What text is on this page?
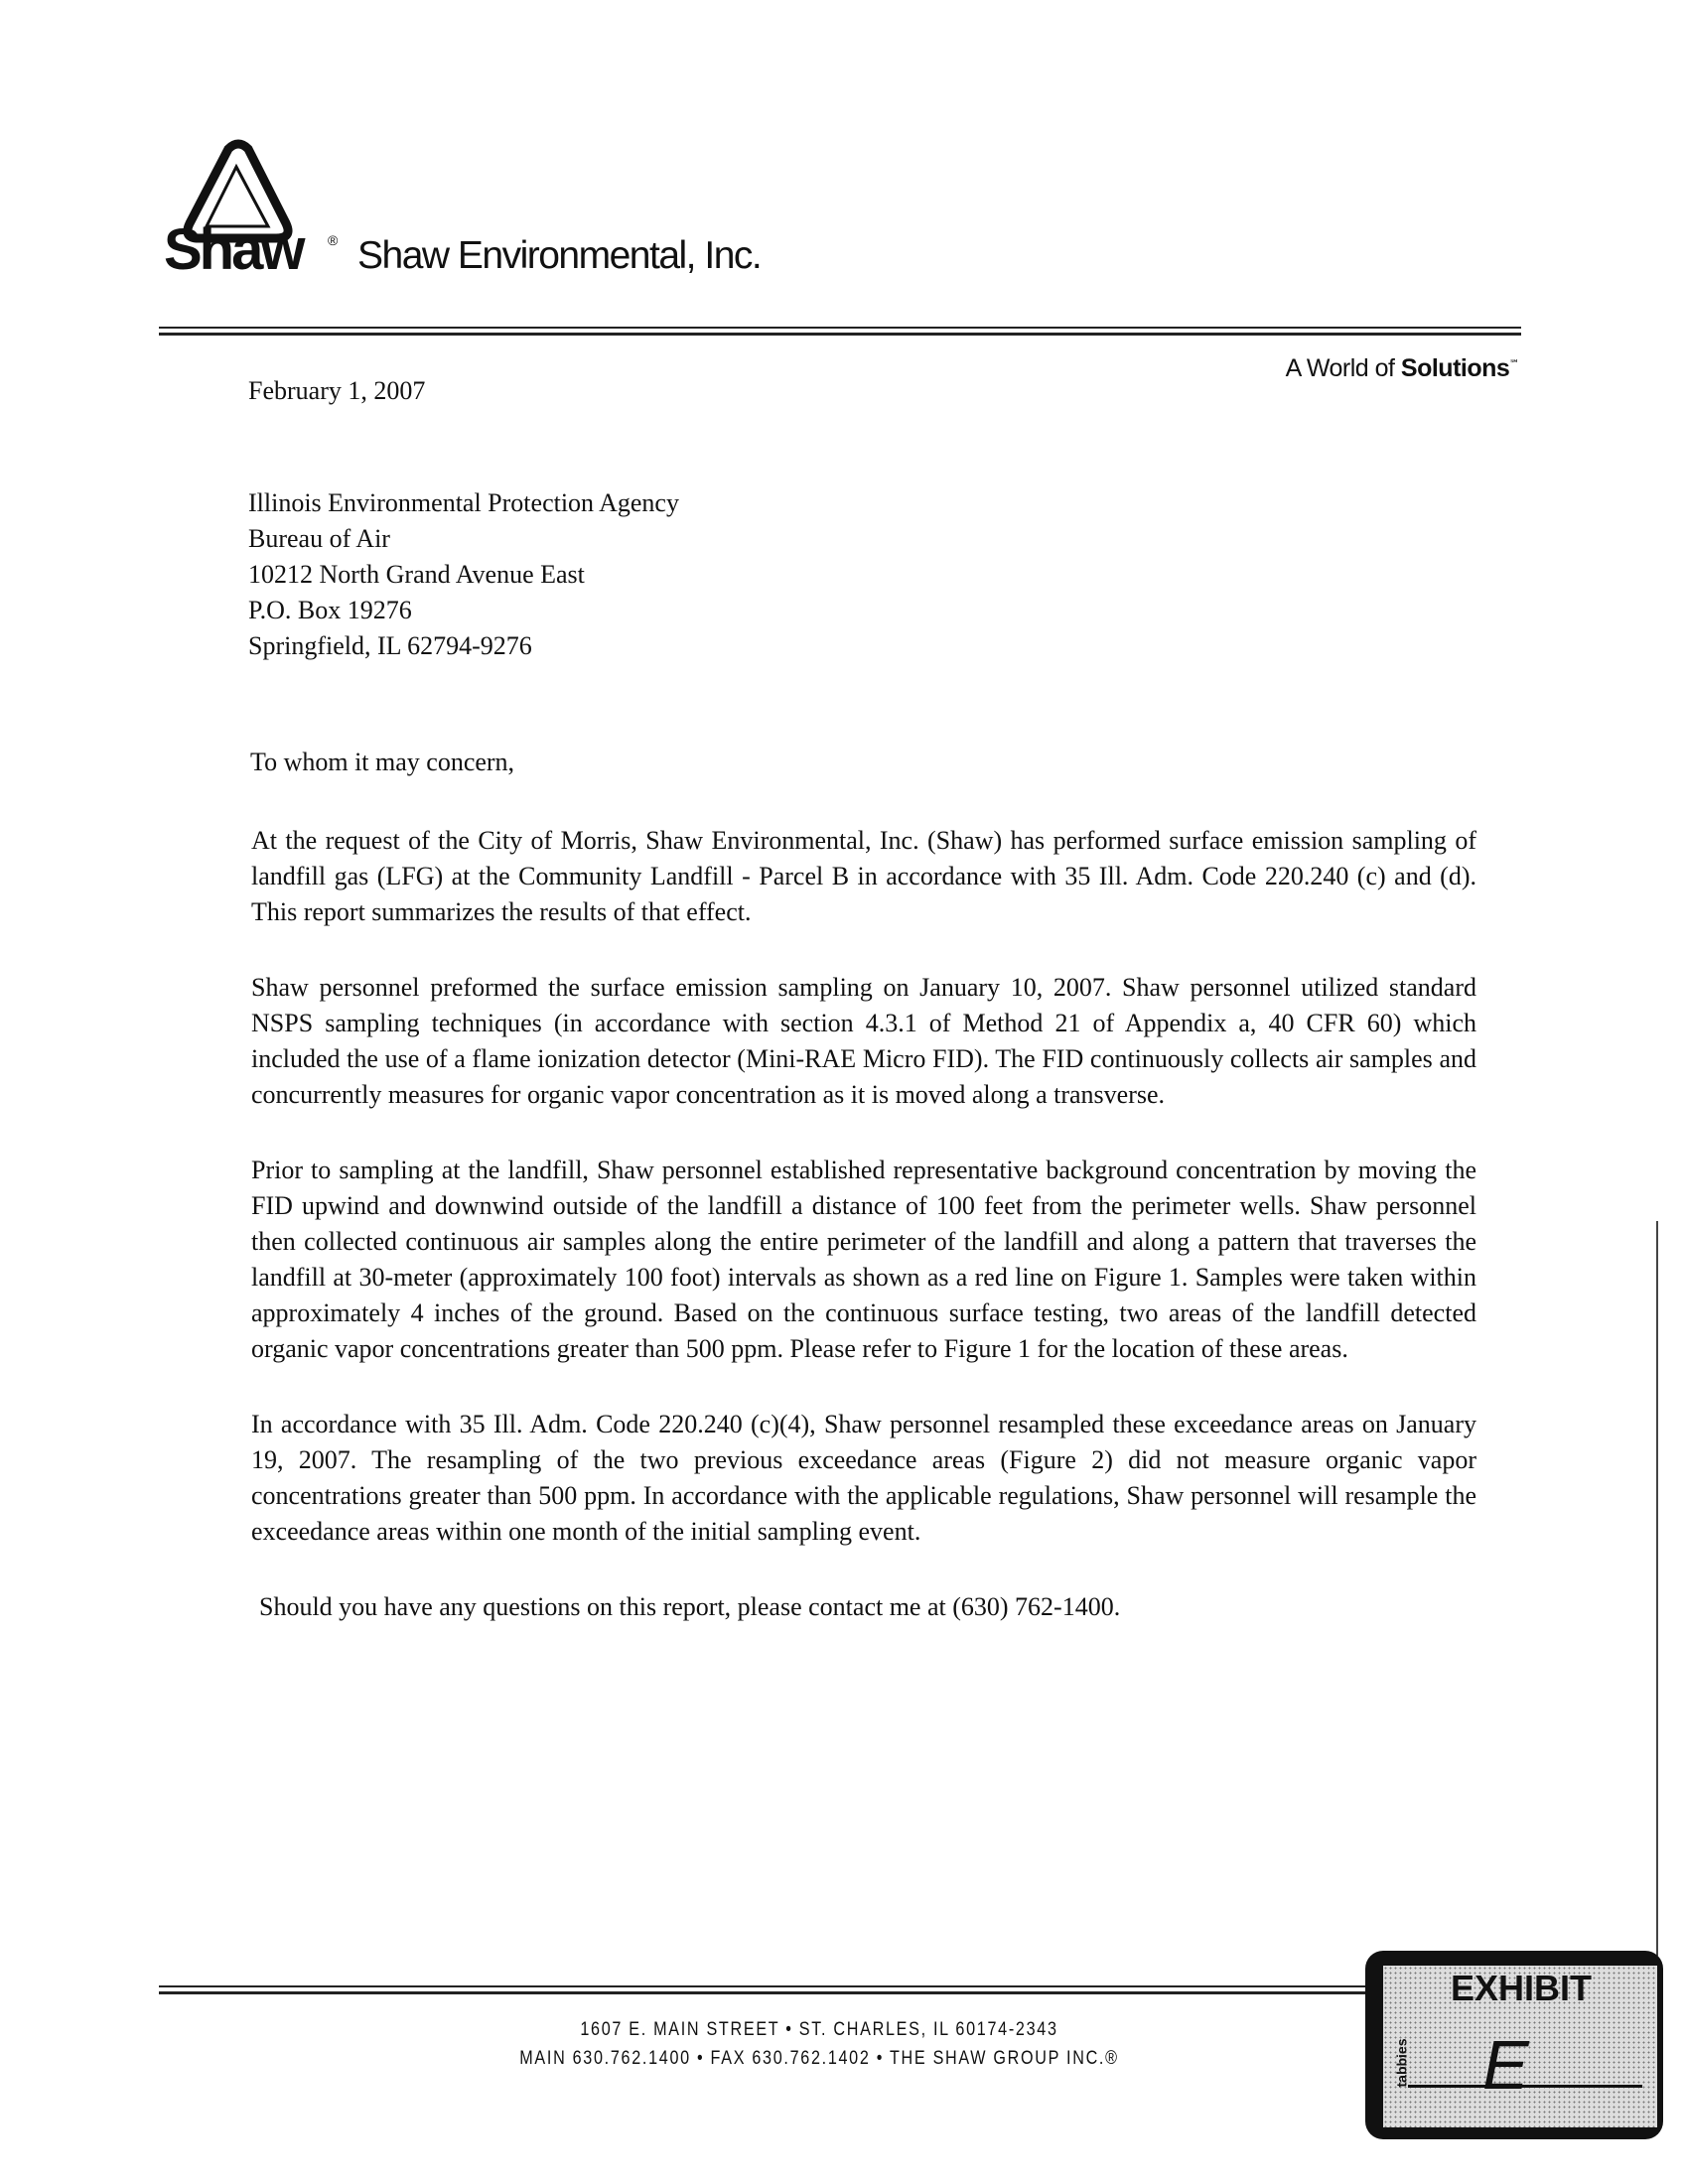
Shaw ® Shaw Environmental, Inc.
A World of Solutions℠
February 1, 2007
Illinois Environmental Protection Agency
Bureau of Air
10212 North Grand Avenue East
P.O. Box 19276
Springfield, IL 62794-9276
To whom it may concern,

At the request of the City of Morris, Shaw Environmental, Inc. (Shaw) has performed surface emission sampling of landfill gas (LFG) at the Community Landfill - Parcel B in accordance with 35 Ill. Adm. Code 220.240 (c) and (d). This report summarizes the results of that effect.

Shaw personnel preformed the surface emission sampling on January 10, 2007. Shaw personnel utilized standard NSPS sampling techniques (in accordance with section 4.3.1 of Method 21 of Appendix a, 40 CFR 60) which included the use of a flame ionization detector (Mini-RAE Micro FID). The FID continuously collects air samples and concurrently measures for organic vapor concentration as it is moved along a transverse.

Prior to sampling at the landfill, Shaw personnel established representative background concentration by moving the FID upwind and downwind outside of the landfill a distance of 100 feet from the perimeter wells. Shaw personnel then collected continuous air samples along the entire perimeter of the landfill and along a pattern that traverses the landfill at 30-meter (approximately 100 foot) intervals as shown as a red line on Figure 1. Samples were taken within approximately 4 inches of the ground. Based on the continuous surface testing, two areas of the landfill detected organic vapor concentrations greater than 500 ppm. Please refer to Figure 1 for the location of these areas.

In accordance with 35 Ill. Adm. Code 220.240 (c)(4), Shaw personnel resampled these exceedance areas on January 19, 2007. The resampling of the two previous exceedance areas (Figure 2) did not measure organic vapor concentrations greater than 500 ppm. In accordance with the applicable regulations, Shaw personnel will resample the exceedance areas within one month of the initial sampling event.

Should you have any questions on this report, please contact me at (630) 762-1400.

1607 E. MAIN STREET • ST. CHARLES, IL 60174-2343
MAIN 630.762.1400 • FAX 630.762.1402 • THE SHAW GROUP INC.®
EXHIBIT
tabbies E
